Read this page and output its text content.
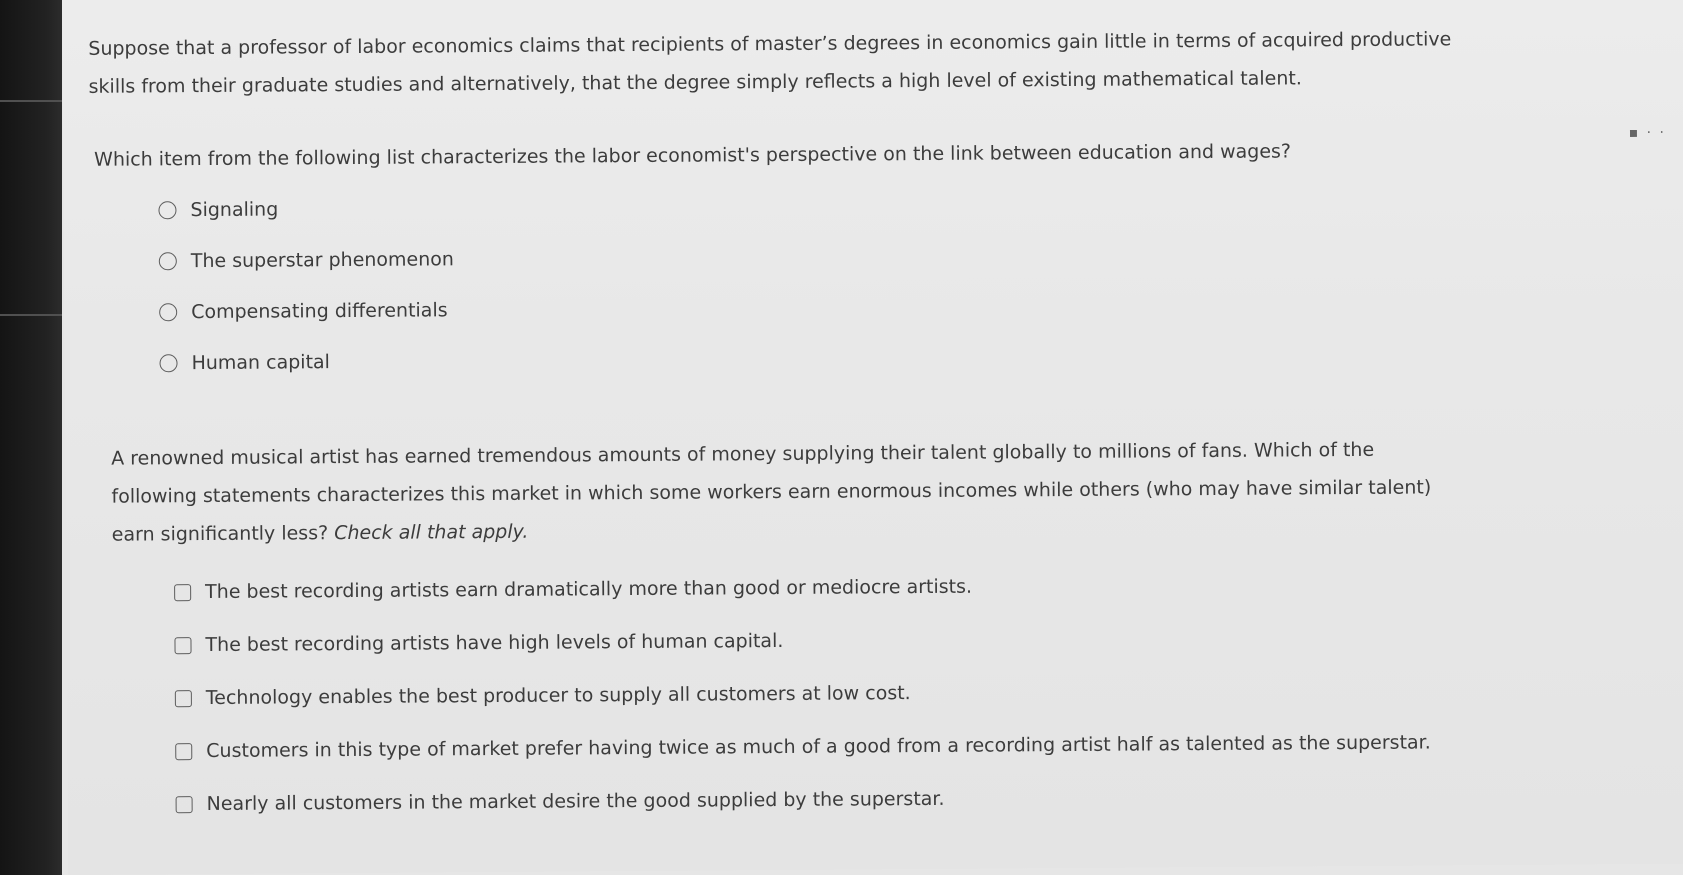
▪ · ·

Suppose that a professor of labor economics claims that recipients of master’s degrees in economics gain little in terms of acquired productive skills from their graduate studies and alternatively, that the degree simply reflects a high level of existing mathematical talent.

Which item from the following list characterizes the labor economist's perspective on the link between education and wages?

Signaling
The superstar phenomenon
Compensating differentials
Human capital

A renowned musical artist has earned tremendous amounts of money supplying their talent globally to millions of fans. Which of the following statements characterizes this market in which some workers earn enormous incomes while others (who may have similar talent) earn significantly less? Check all that apply.

The best recording artists earn dramatically more than good or mediocre artists.
The best recording artists have high levels of human capital.
Technology enables the best producer to supply all customers at low cost.
Customers in this type of market prefer having twice as much of a good from a recording artist half as talented as the superstar.
Nearly all customers in the market desire the good supplied by the superstar.
